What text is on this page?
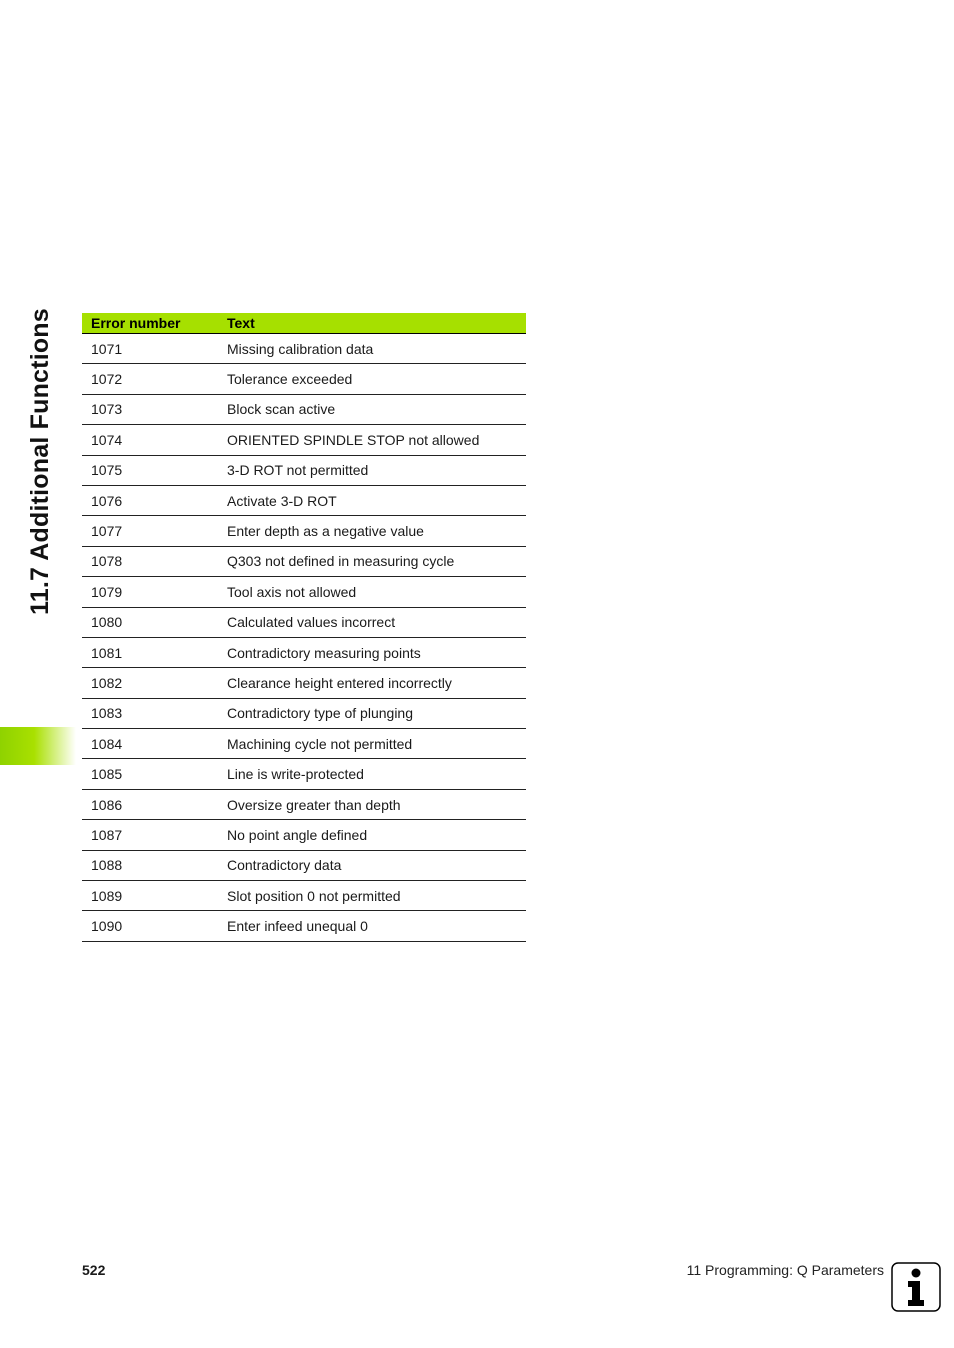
11.7 Additional Functions	Error number	Text
1071	Missing calibration data
1072	Tolerance exceeded
1073	Block scan active
1074	ORIENTED SPINDLE STOP not allowed
1075	3-D ROT not permitted
1076	Activate 3-D ROT
1077	Enter depth as a negative value
1078	Q303 not defined in measuring cycle
1079	Tool axis not allowed
1080	Calculated values incorrect
1081	Contradictory measuring points
1082	Clearance height entered incorrectly
1083	Contradictory type of plunging
1084	Machining cycle not permitted
1085	Line is write-protected
1086	Oversize greater than depth
1087	No point angle defined
1088	Contradictory data
1089	Slot position 0 not permitted
1090	Enter infeed unequal 0
522	11 Programming: Q Parameters
